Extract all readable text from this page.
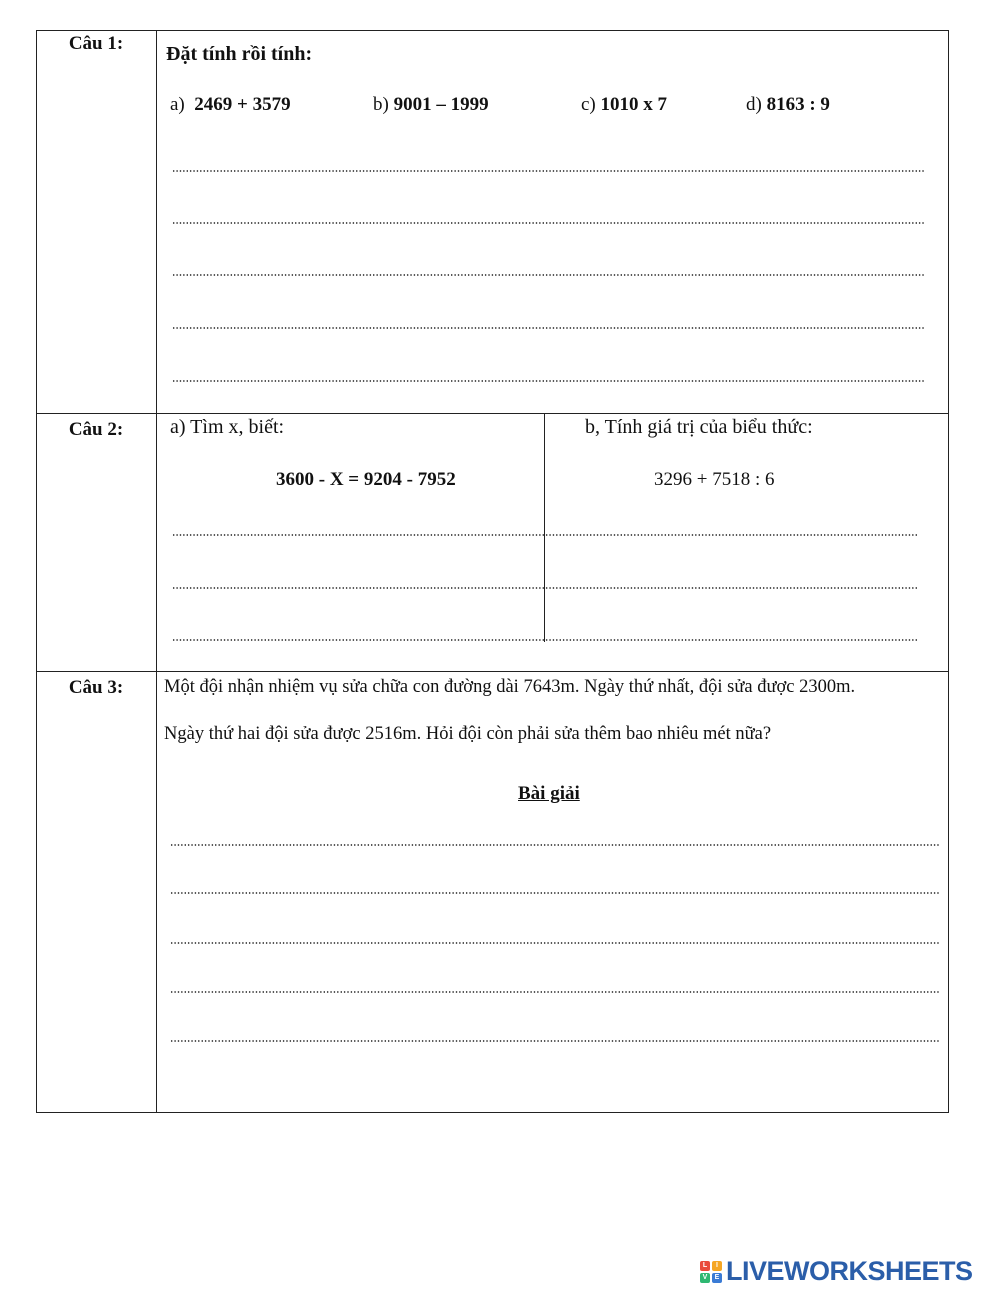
Câu 1:	Đặt tính rồi tính:
a) 2469 + 3579	b) 9001 – 1999	c) 1010 x 7	d) 8163 : 9
Câu 2:	a) Tìm x, biết:
3600 - X = 9204 - 7952
b, Tính giá trị của biểu thức:
3296 + 7518 : 6
Câu 3:	Một đội nhận nhiệm vụ sửa chữa con đường dài 7643m. Ngày thứ nhất, đội sửa được 2300m.
Ngày thứ hai đội sửa được 2516m. Hỏi đội còn phải sửa thêm bao nhiêu mét nữa?
Bài giải
L	I
V	E LIVEWORKSHEETS
